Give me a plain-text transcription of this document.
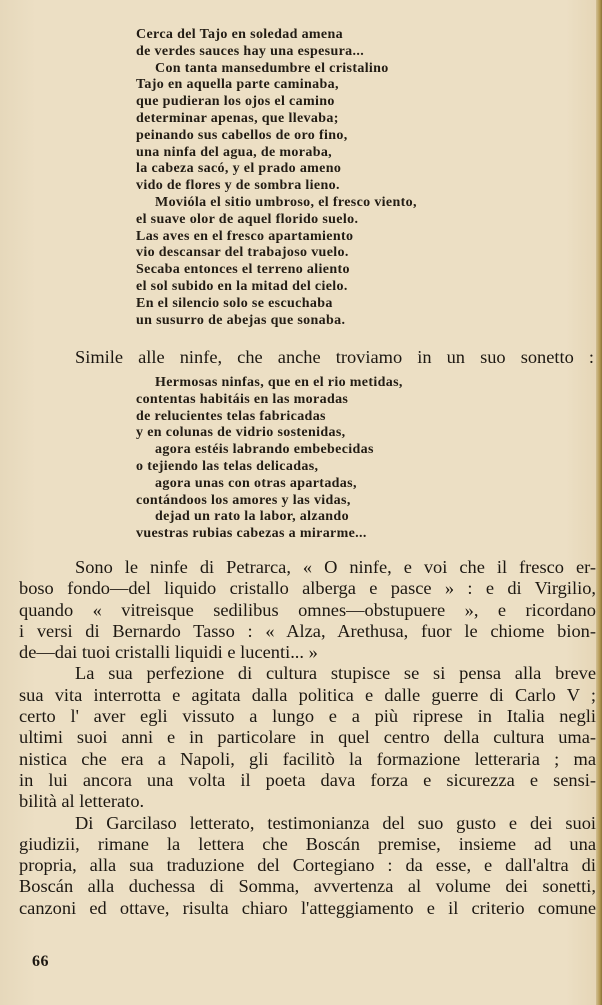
Cerca del Tajo en soledad amena
de verdes sauces hay una espesura...
Con tanta mansedumbre el cristalino
Tajo en aquella parte caminaba,
que pudieran los ojos el camino
determinar apenas, que llevaba;
peinando sus cabellos de oro fino,
una ninfa del agua, de moraba,
la cabeza sacó, y el prado ameno
vido de flores y de sombra lieno.
Movióla el sitio umbroso, el fresco viento,
el suave olor de aquel florido suelo.
Las aves en el fresco apartamiento
vio descansar del trabajoso vuelo.
Secaba entonces el terreno aliento
el sol subido en la mitad del cielo.
En el silencio solo se escuchaba
un susurro de abejas que sonaba.
Simile alle ninfe, che anche troviamo in un suo sonetto :
Hermosas ninfas, que en el rio metidas,
contentas habitáis en las moradas
de relucientes telas fabricadas
y en colunas de vidrio sostenidas,
agora estéis labrando embebecidas
o tejiendo las telas delicadas,
agora unas con otras apartadas,
contándoos los amores y las vidas,
dejad un rato la labor, alzando
vuestras rubias cabezas a mirarme...
Sono le ninfe di Petrarca, « O ninfe, e voi che il fresco er-
boso fondo—del liquido cristallo alberga e pasce » : e di Virgilio,
quando « vitreisque sedilibus omnes—obstupuere », e ricordano
i versi di Bernardo Tasso : « Alza, Arethusa, fuor le chiome bion-
de—dai tuoi cristalli liquidi e lucenti... »
La sua perfezione di cultura stupisce se si pensa alla breve
sua vita interrotta e agitata dalla politica e dalle guerre di Carlo V ;
certo l' aver egli vissuto a lungo e a più riprese in Italia negli
ultimi suoi anni e in particolare in quel centro della cultura uma-
nistica che era a Napoli, gli facilitò la formazione letteraria ; ma
in lui ancora una volta il poeta dava forza e sicurezza e sensi-
bilità al letterato.
Di Garcilaso letterato, testimonianza del suo gusto e dei suoi
giudizii, rimane la lettera che Boscán premise, insieme ad una
propria, alla sua traduzione del Cortegiano : da esse, e dall'altra di
Boscán alla duchessa di Somma, avvertenza al volume dei sonetti,
canzoni ed ottave, risulta chiaro l'atteggiamento e il criterio comune
66
